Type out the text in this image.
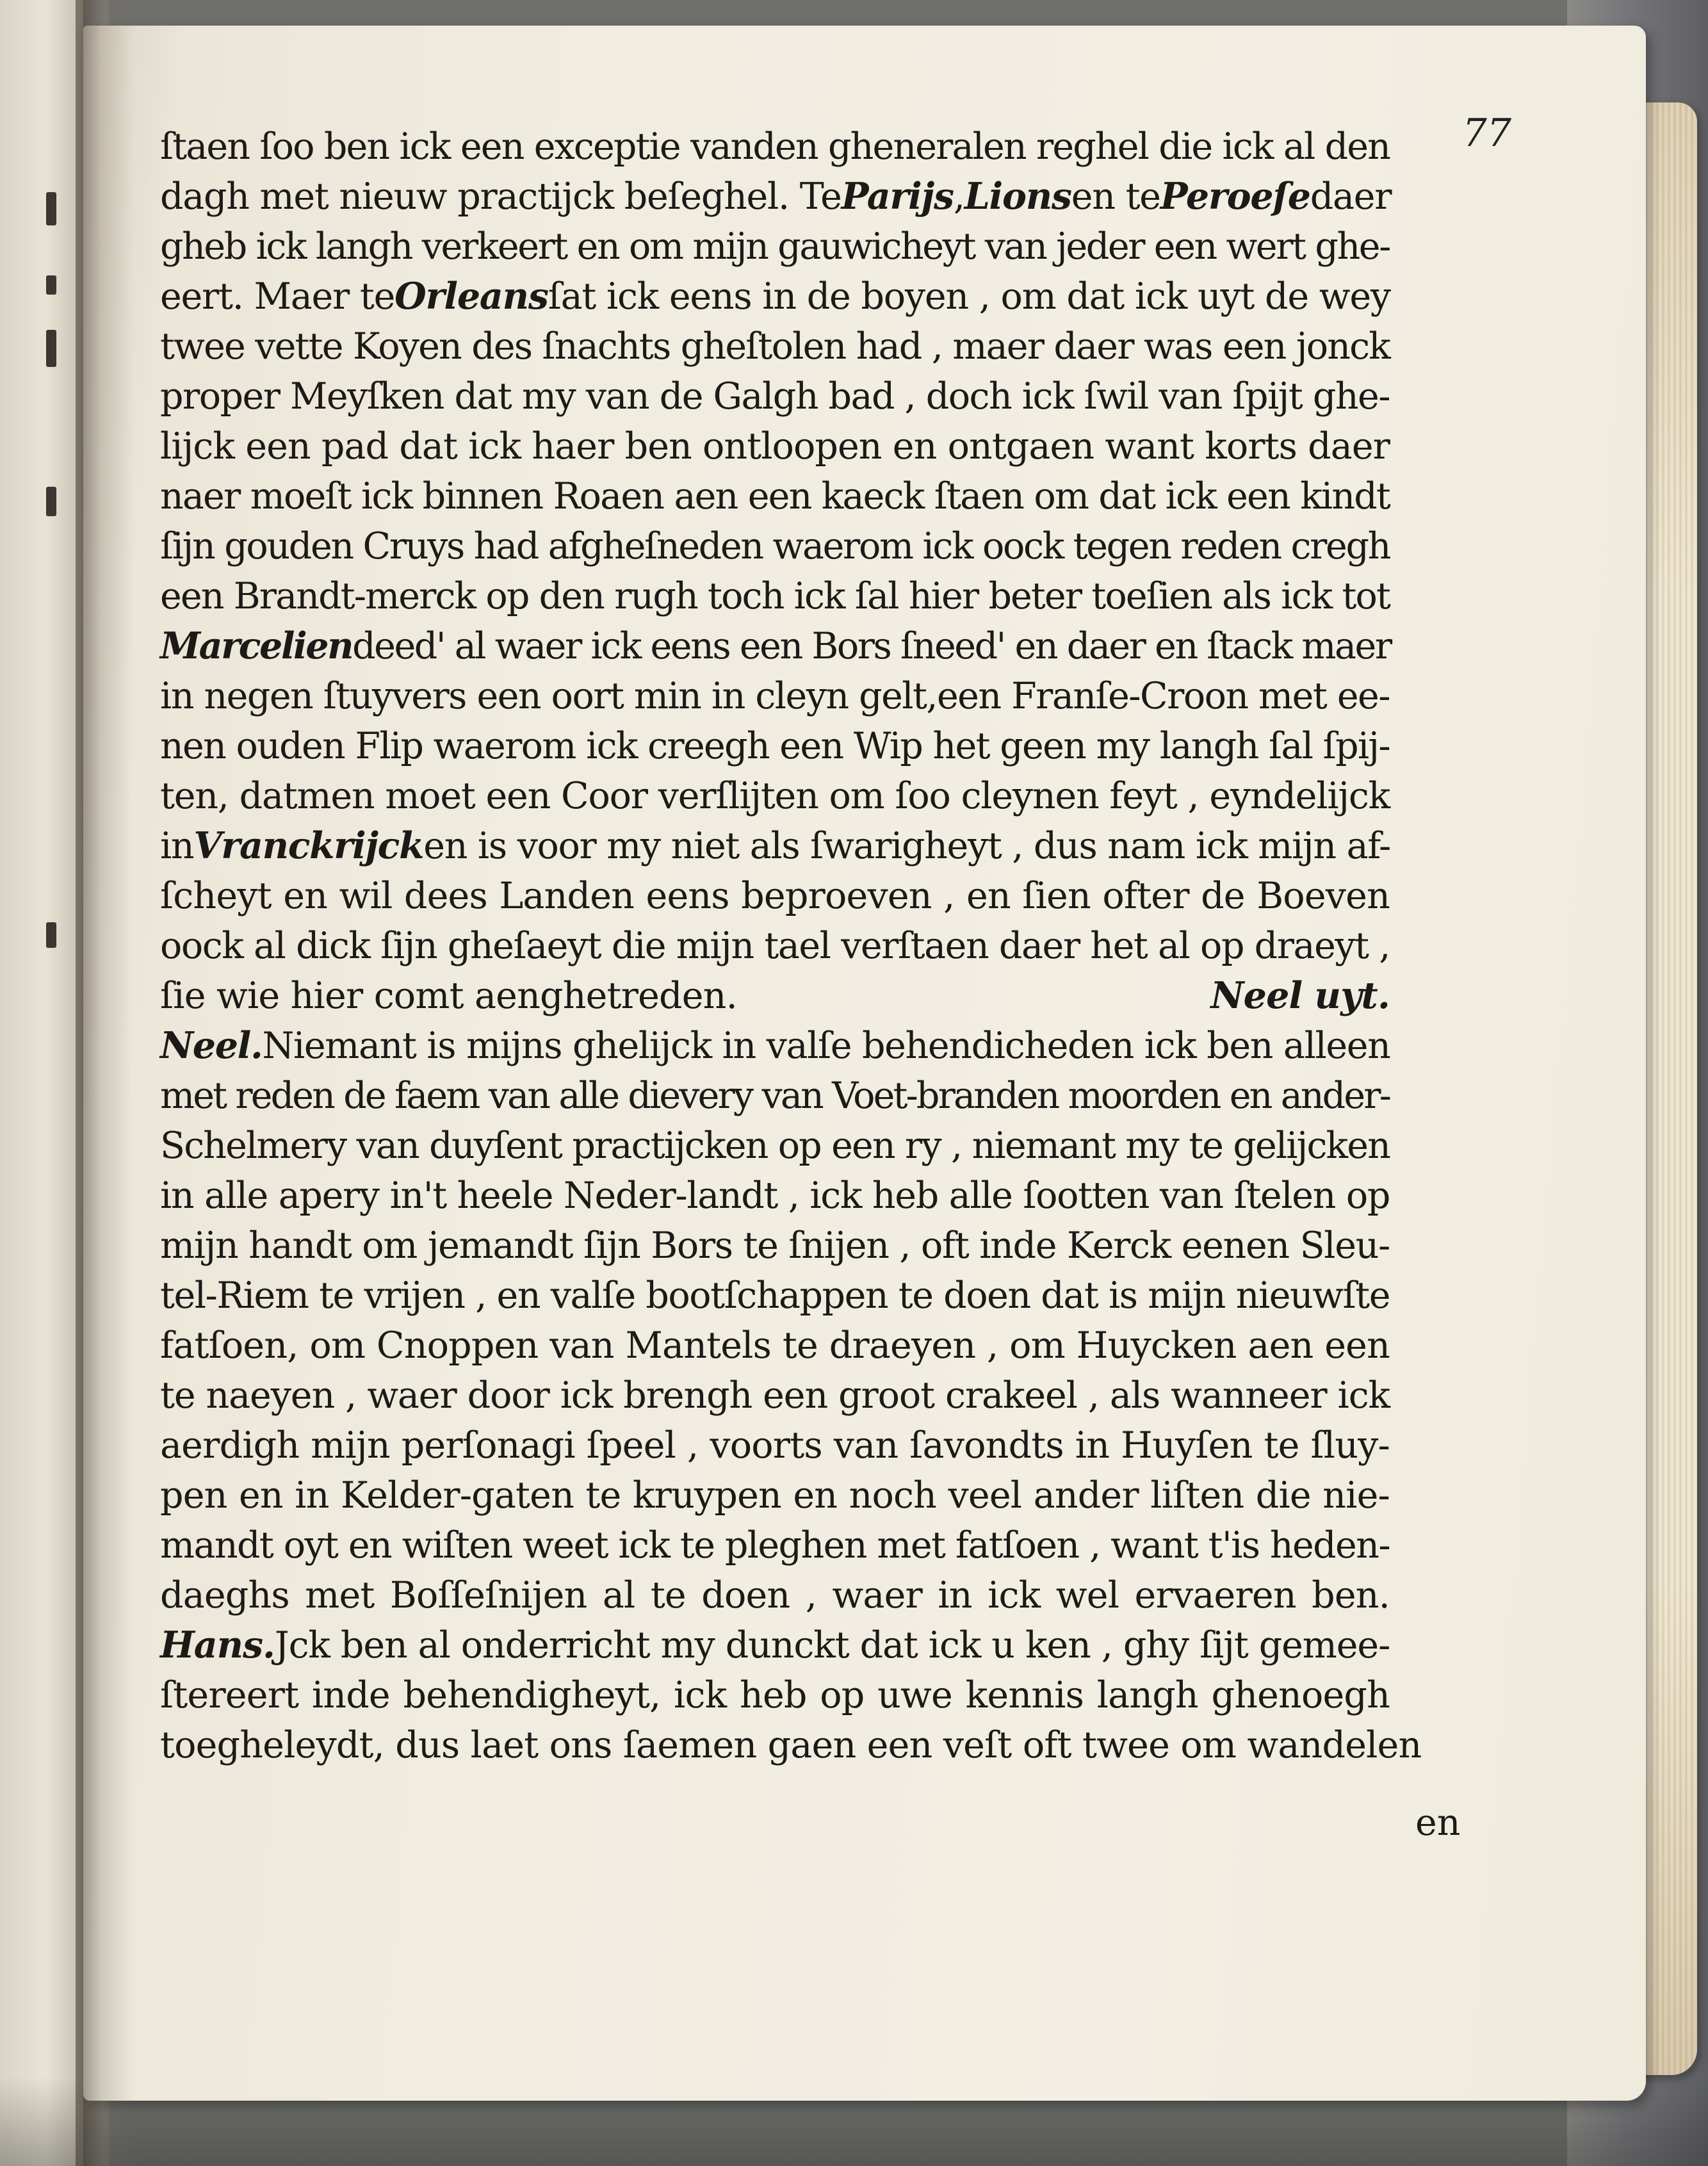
77
ſtaen ſoo ben ick een exceptie vanden gheneralen reghel die ick al den
dagh met nieuw practijck beſeghel. Te Parijs , Lions en te Peroeſe daer
gheb ick langh verkeert en om mijn gauwicheyt van jeder een wert ghe-
eert. Maer te Orleans ſat ick eens in de boyen , om dat ick uyt de wey
twee vette Koyen des ſnachts gheſtolen had , maer daer was een jonck
proper Meyſken dat my van de Galgh bad , doch ick ſwil van ſpijt ghe-
lijck een pad dat ick haer ben ontloopen en ontgaen want korts daer
naer moeſt ick binnen Roaen aen een kaeck ſtaen om dat ick een kindt
ſijn gouden Cruys had afgheſneden waerom ick oock tegen reden cregh
een Brandt-merck op den rugh toch ick ſal hier beter toeſien als ick tot
Marcelien deed' al waer ick eens een Bors ſneed' en daer en ſtack maer
in negen ſtuyvers een oort min in cleyn gelt,een Franſe-Croon met ee-
nen ouden Flip waerom ick creegh een Wip het geen my langh ſal ſpij-
ten, datmen moet een Coor verſlijten om ſoo cleynen feyt , eyndelijck
in Vranckrijck en is voor my niet als ſwarigheyt , dus nam ick mijn af-
ſcheyt en wil dees Landen eens beproeven , en ſien ofter de Boeven
oock al dick ſijn gheſaeyt die mijn tael verſtaen daer het al op draeyt ,
ſie wie hier comt aenghetreden.	Neel uyt.
Neel. Niemant is mijns ghelijck in valſe behendicheden ick ben alleen
met reden de faem van alle dievery van Voet-branden moorden en ander-
Schelmery van duyſent practijcken op een ry , niemant my te gelijcken
in alle apery in't heele Neder-landt , ick heb alle ſootten van ſtelen op
mijn handt om jemandt ſijn Bors te ſnijen , oft inde Kerck eenen Sleu-
tel-Riem te vrijen , en valſe bootſchappen te doen dat is mijn nieuwſte
fatſoen, om Cnoppen van Mantels te draeyen , om Huycken aen een
te naeyen , waer door ick brengh een groot crakeel , als wanneer ick
aerdigh mijn perſonagi ſpeel , voorts van ſavondts in Huyſen te ſluy-
pen en in Kelder-gaten te kruypen en noch veel ander liſten die nie-
mandt oyt en wiſten weet ick te pleghen met fatſoen , want t'is heden-
daeghs met Boſſeſnijen al te doen , waer in ick wel ervaeren ben.
Hans. Jck ben al onderricht my dunckt dat ick u ken , ghy ſijt gemee-
ſtereert inde behendigheyt, ick heb op uwe kennis langh ghenoegh
toegheleydt, dus laet ons ſaemen gaen een veſt oft twee om wandelen
en
